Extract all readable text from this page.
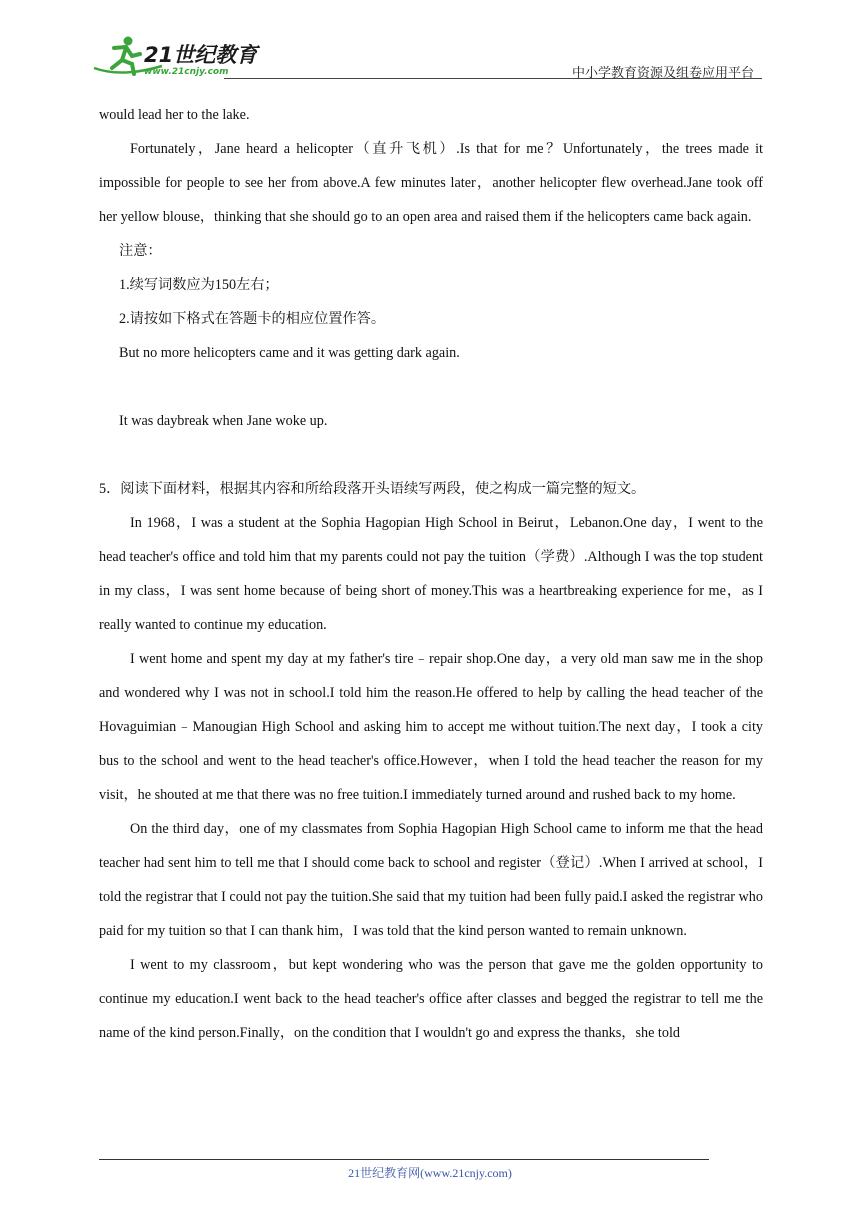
21世纪教育
www.21cnjy.com	中小学教育资源及组卷应用平台

would lead her to the lake.

Fortunately，Jane heard a helicopter（直升飞机）.Is that for me？Unfortunately，the trees made it impossible for people to see her from above.A few minutes later，another helicopter flew overhead.Jane took off her yellow blouse，thinking that she should go to an open area and raised them if the helicopters came back again.

注意：

1.续写词数应为150左右；

2.请按如下格式在答题卡的相应位置作答。

But no more helicopters came and it was getting dark again.

It was daybreak when Jane woke up.

5．阅读下面材料，根据其内容和所给段落开头语续写两段，使之构成一篇完整的短文。

In 1968，I was a student at the Sophia Hagopian High School in Beirut，Lebanon.One day，I went to the head teacher's office and told him that my parents could not pay the tuition（学费）.Although I was the top student in my class，I was sent home because of being short of money.This was a heartbreaking experience for me，as I really wanted to continue my education.

I went home and spent my day at my father's tire﹣repair shop.One day，a very old man saw me in the shop and wondered why I was not in school.I told him the reason.He offered to help by calling the head teacher of the Hovaguimian﹣Manougian High School and asking him to accept me without tuition.The next day，I took a city bus to the school and went to the head teacher's office.However，when I told the head teacher the reason for my visit，he shouted at me that there was no free tuition.I immediately turned around and rushed back to my home.

On the third day，one of my classmates from Sophia Hagopian High School came to inform me that the head teacher had sent him to tell me that I should come back to school and register（登记）.When I arrived at school，I told the registrar that I could not pay the tuition.She said that my tuition had been fully paid.I asked the registrar who paid for my tuition so that I can thank him，I was told that the kind person wanted to remain unknown.

I went to my classroom，but kept wondering who was the person that gave me the golden opportunity to continue my education.I went back to the head teacher's office after classes and begged the registrar to tell me the name of the kind person.Finally，on the condition that I wouldn't go and express the thanks，she told

21世纪教育网(www.21cnjy.com)
